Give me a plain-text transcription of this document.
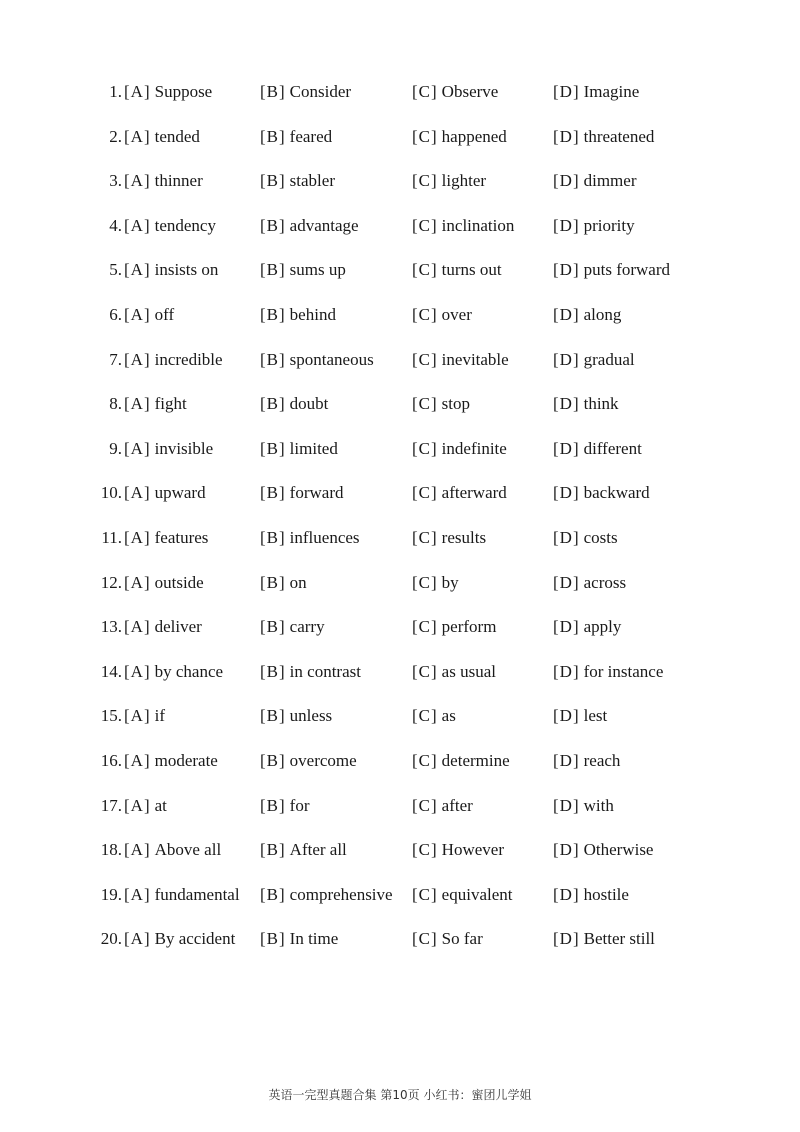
1. [A] Suppose	[B] Consider	[C] Observe	[D] Imagine
2. [A] tended	[B] feared	[C] happened	[D] threatened
3. [A] thinner	[B] stabler	[C] lighter	[D] dimmer
4. [A] tendency	[B] advantage	[C] inclination [D] priority
5. [A] insists on [B] sums up	[C] turns out	[D] puts forward
6. [A] off	[B] behind	[C] over	[D] along
7. [A] incredible [B] spontaneous [C] inevitable	[D] gradual
8. [A] fight	[B] doubt	[C] stop	[D] think
9. [A] invisible	[B] limited	[C] indefinite	[D] different
10. [A] upward	[B] forward	[C] afterward	[D] backward
11. [A] features	[B] influences	[C] results	[D] costs
12. [A] outside	[B] on	[C] by	[D] across
13. [A] deliver	[B] carry	[C] perform	[D] apply
14. [A] by chance [B] in contrast	[C] as usual	[D] for instance
15. [A] if	[B] unless	[C] as	[D] lest
16. [A] moderate [B] overcome	[C] determine	[D] reach
17. [A] at	[B] for	[C] after	[D] with
18. [A] Above all [B] After all	[C] However	[D] Otherwise
19. [A] fundamental [B] comprehensive [C] equivalent [D] hostile
20. [A] By accident [B] In time	[C] So far	[D] Better still
英语一完型真题合集 第10页 小红书：蜜团儿学姐
